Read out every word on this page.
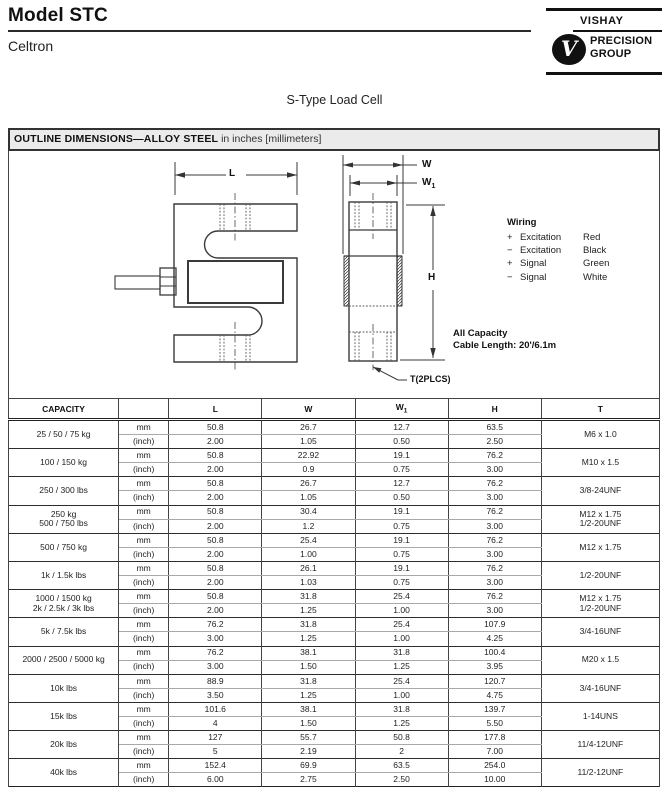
Model STC
Celtron
VISHAY
V PRECISION
GROUP
S-Type Load Cell
OUTLINE DIMENSIONS—ALLOY STEEL in inches [millimeters]
L
W
$W_1$
H
T(2PLCS)
Wiring
+ Excitation	Red
− Excitation	Black
+ Signal	Green
− Signal	White
All Capacity
Cable Length: 20'/6.1m
CAPACITY		L	W	$W_1$	H	T

25 / 50 / 75 kg	mm	50.8	26.7	12.7	63.5	M6 x 1.0

	(inch)	2.00	1.05	0.50	2.50	

100 / 150 kg	mm	50.8	22.92	19.1	76.2	M10 x 1.5

	(inch)	2.00	0.9	0.75	3.00	

250 / 300 lbs	mm	50.8	26.7	12.7	76.2	3/8-24UNF

	(inch)	2.00	1.05	0.50	3.00	

250 kg
500 / 750 lbs
	mm	50.8	30.4	19.1	76.2	M12 x 1.75
1/2-20UNF

	(inch)	2.00	1.2	0.75	3.00	

500 / 750 kg	mm	50.8	25.4	19.1	76.2	M12 x 1.75

	(inch)	2.00	1.00	0.75	3.00	

1k / 1.5k lbs	mm	50.8	26.1	19.1	76.2	1/2-20UNF

	(inch)	2.00	1.03	0.75	3.00	

1000 / 1500 kg
2k / 2.5k / 3k lbs
	mm	50.8	31.8	25.4	76.2	M12 x 1.75
1/2-20UNF

	(inch)	2.00	1.25	1.00	3.00	

5k / 7.5k lbs	mm	76.2	31.8	25.4	107.9	3/4-16UNF

	(inch)	3.00	1.25	1.00	4.25	

2000 / 2500 / 5000 kg	mm	76.2	38.1	31.8	100.4	M20 x 1.5

	(inch)	3.00	1.50	1.25	3.95	

10k lbs	mm	88.9	31.8	25.4	120.7	3/4-16UNF

	(inch)	3.50	1.25	1.00	4.75	

15k lbs	mm	101.6	38.1	31.8	139.7	1-14UNS

	(inch)	4	1.50	1.25	5.50	

20k lbs	mm	127	55.7	50.8	177.8	11/4-12UNF

	(inch)	5	2.19	2	7.00	

40k lbs	mm	152.4	69.9	63.5	254.0	11/2-12UNF

	(inch)	6.00	2.75	2.50	10.00	
